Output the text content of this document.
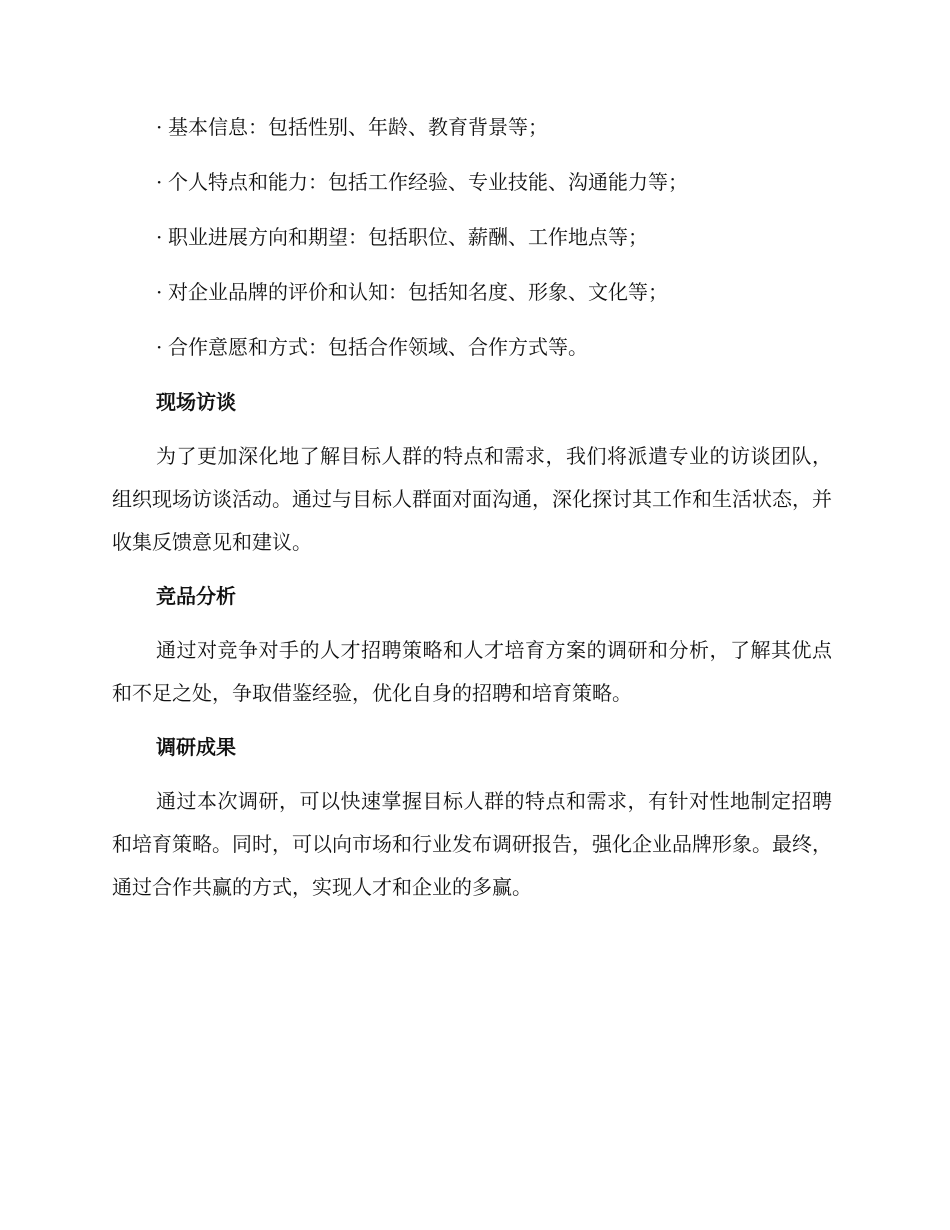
· 基本信息：包括性别、年龄、教育背景等；
· 个人特点和能力：包括工作经验、专业技能、沟通能力等；
· 职业进展方向和期望：包括职位、薪酬、工作地点等；
· 对企业品牌的评价和认知：包括知名度、形象、文化等；
· 合作意愿和方式：包括合作领域、合作方式等。
现场访谈
为了更加深化地了解目标人群的特点和需求，我们将派遣专业的访谈团队，组织现场访谈活动。通过与目标人群面对面沟通，深化探讨其工作和生活状态，并收集反馈意见和建议。
竞品分析
通过对竞争对手的人才招聘策略和人才培育方案的调研和分析，了解其优点和不足之处，争取借鉴经验，优化自身的招聘和培育策略。
调研成果
通过本次调研，可以快速掌握目标人群的特点和需求，有针对性地制定招聘和培育策略。同时，可以向市场和行业发布调研报告，强化企业品牌形象。最终，通过合作共赢的方式，实现人才和企业的多赢。
